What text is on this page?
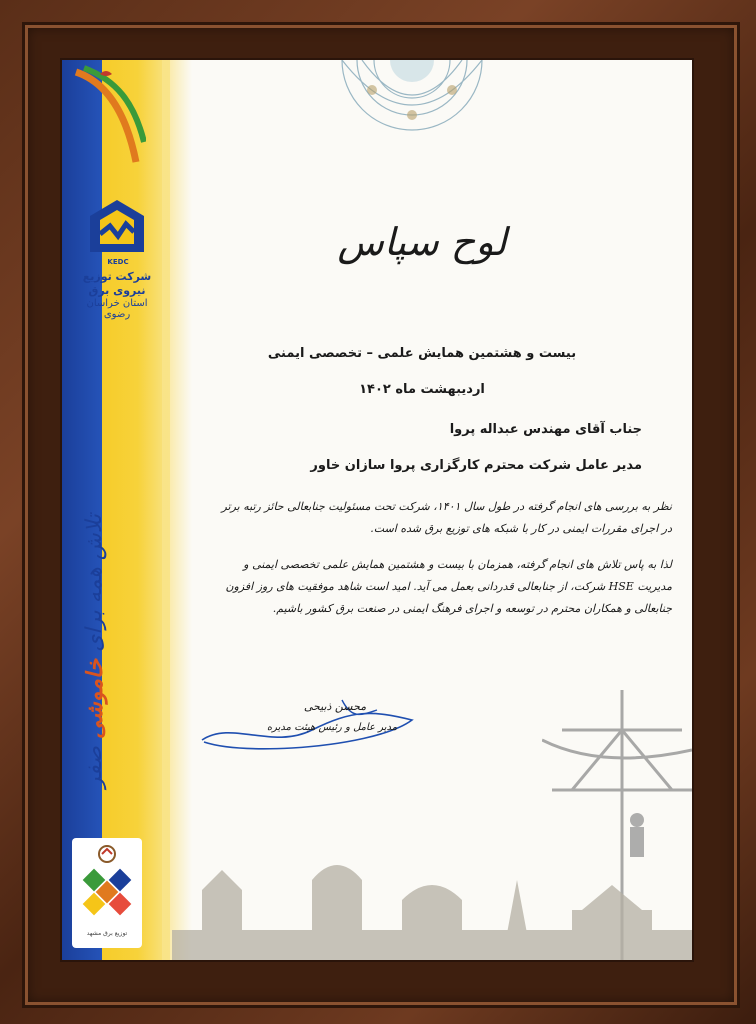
KEDC
شرکت توزیع نیروی برق
استان خراسان رضوی
تلاش همه برای خاموشی صفر
توزیع برق مشهد
لوح سپاس
بیست و هشتمین همایش علمی – تخصصی ایمنی
اردیبهشت ماه ۱۴۰۲
جناب آقای مهندس عبداله پروا
مدیر عامل شرکت محترم کارگزاری پروا سازان خاور

نظر به بررسی های انجام گرفته در طول سال ۱۴۰۱، شرکت تحت مسئولیت جنابعالی حائز رتبه برتر در اجرای مقررات ایمنی در کار با شبکه های توزیع برق شده است.

لذا به پاس تلاش های انجام گرفته، همزمان با بیست و هشتمین همایش علمی تخصصی ایمنی و مدیریت HSE شرکت، از جنابعالی قدردانی بعمل می آید. امید است شاهد موفقیت های روز افزون جنابعالی و همکاران محترم در توسعه و اجرای فرهنگ ایمنی در صنعت برق کشور باشیم.

محسن ذبیحی
مدیر عامل و رئیس هیئت مدیره
